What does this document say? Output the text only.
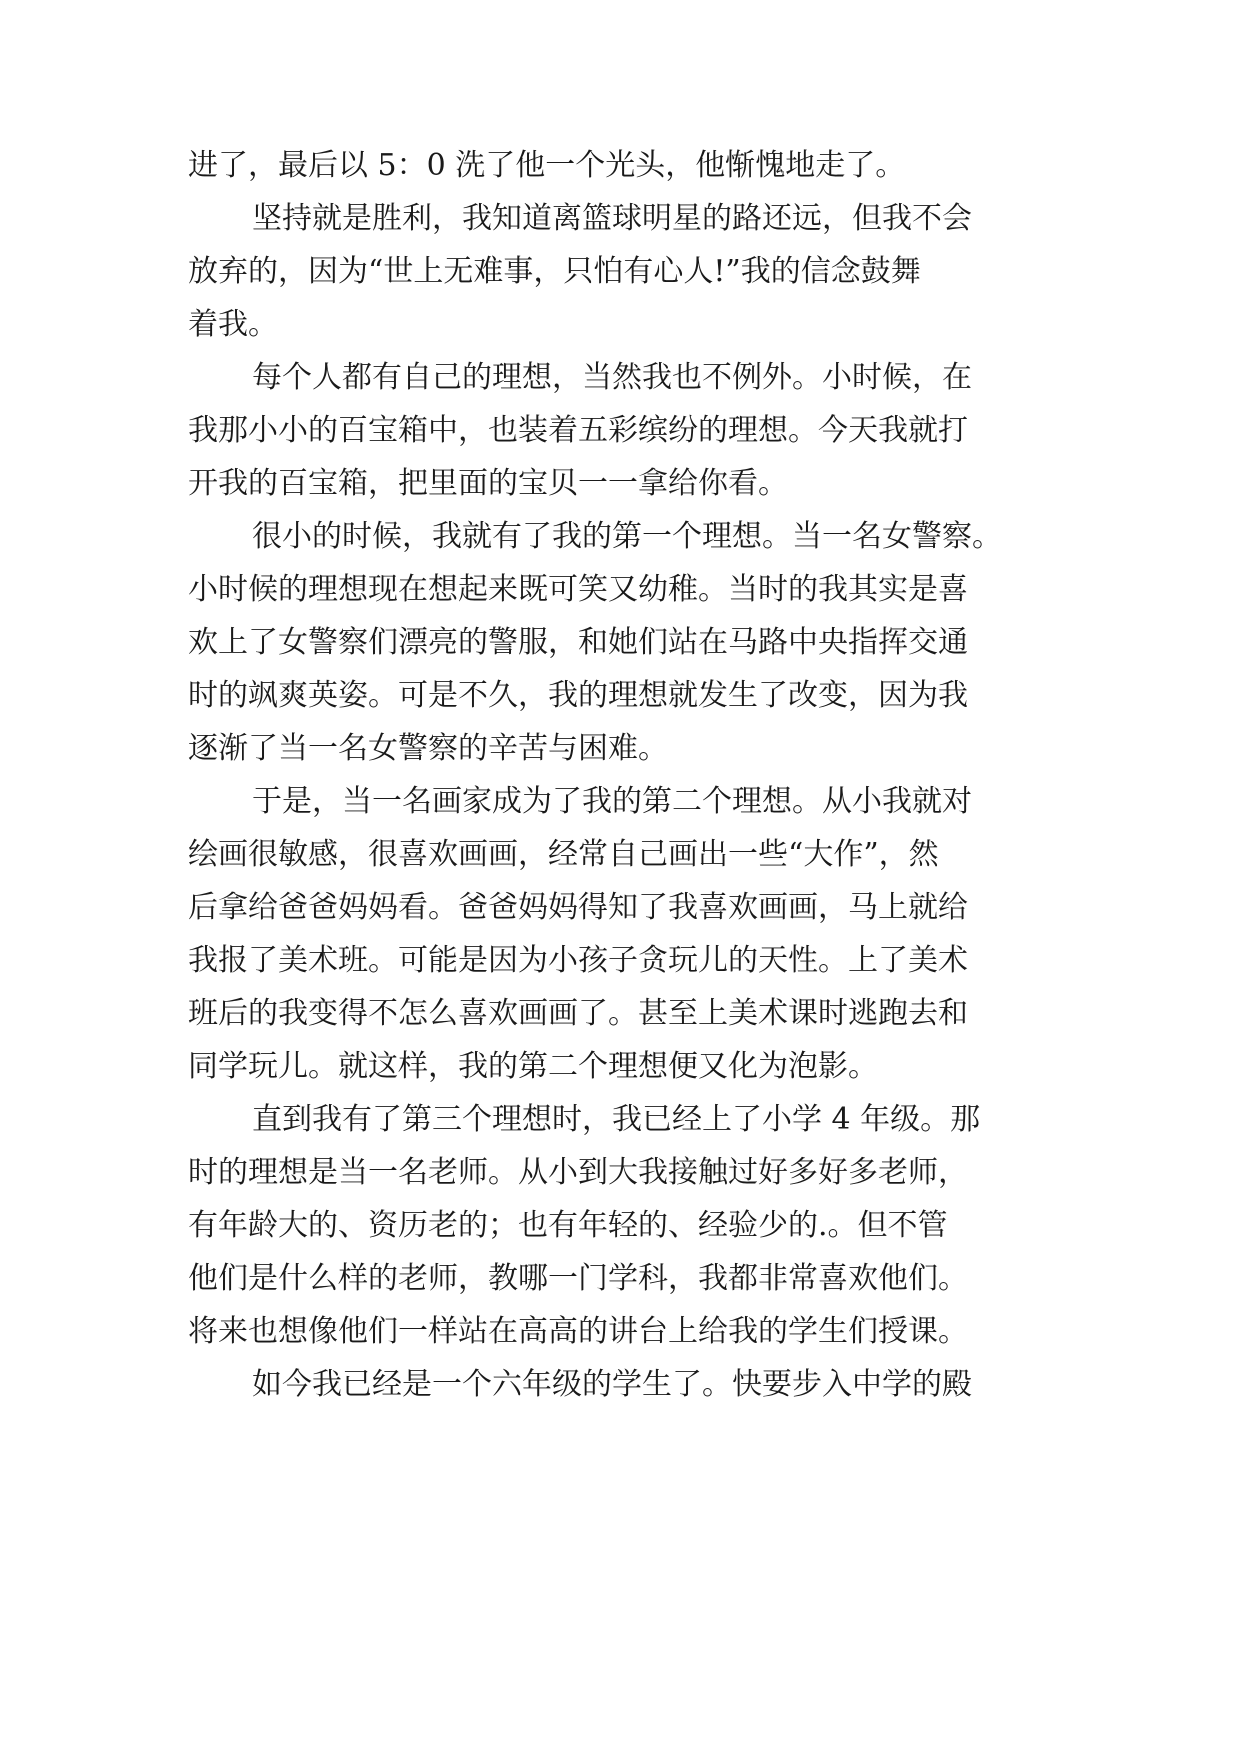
进了，最后以 5：0 洗了他一个光头，他惭愧地走了。
坚持就是胜利，我知道离篮球明星的路还远，但我不会
放弃的，因为“世上无难事，只怕有心人!”我的信念鼓舞
着我。
每个人都有自己的理想，当然我也不例外。小时候，在
我那小小的百宝箱中，也装着五彩缤纷的理想。今天我就打
开我的百宝箱，把里面的宝贝一一拿给你看。
很小的时候，我就有了我的第一个理想。当一名女警察。
小时候的理想现在想起来既可笑又幼稚。当时的我其实是喜
欢上了女警察们漂亮的警服，和她们站在马路中央指挥交通
时的飒爽英姿。可是不久，我的理想就发生了改变，因为我
逐渐了当一名女警察的辛苦与困难。
于是，当一名画家成为了我的第二个理想。从小我就对
绘画很敏感，很喜欢画画，经常自己画出一些“大作”，然
后拿给爸爸妈妈看。爸爸妈妈得知了我喜欢画画，马上就给
我报了美术班。可能是因为小孩子贪玩儿的天性。上了美术
班后的我变得不怎么喜欢画画了。甚至上美术课时逃跑去和
同学玩儿。就这样，我的第二个理想便又化为泡影。
直到我有了第三个理想时，我已经上了小学 4 年级。那
时的理想是当一名老师。从小到大我接触过好多好多老师，
有年龄大的、资历老的；也有年轻的、经验少的.。但不管
他们是什么样的老师，教哪一门学科，我都非常喜欢他们。
将来也想像他们一样站在高高的讲台上给我的学生们授课。
如今我已经是一个六年级的学生了。快要步入中学的殿
